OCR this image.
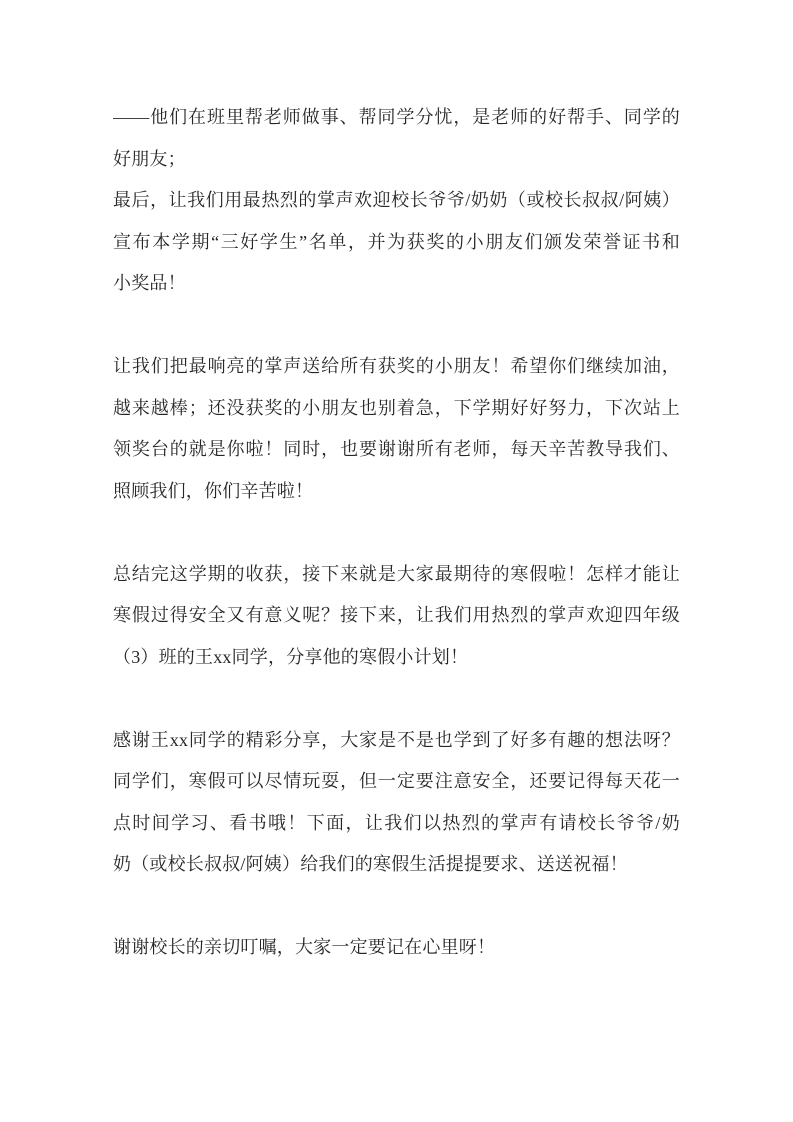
——他们在班里帮老师做事、帮同学分忧，是老师的好帮手、同学的
好朋友；
最后，让我们用最热烈的掌声欢迎校长爷爷/奶奶（或校长叔叔/阿姨）
宣布本学期“三好学生”名单，并为获奖的小朋友们颁发荣誉证书和
小奖品！
让我们把最响亮的掌声送给所有获奖的小朋友！希望你们继续加油，
越来越棒；还没获奖的小朋友也别着急，下学期好好努力，下次站上
领奖台的就是你啦！同时，也要谢谢所有老师，每天辛苦教导我们、
照顾我们，你们辛苦啦！
总结完这学期的收获，接下来就是大家最期待的寒假啦！怎样才能让
寒假过得安全又有意义呢？接下来，让我们用热烈的掌声欢迎四年级
（3）班的王xx同学，分享他的寒假小计划！
感谢王xx同学的精彩分享，大家是不是也学到了好多有趣的想法呀？
同学们，寒假可以尽情玩耍，但一定要注意安全，还要记得每天花一
点时间学习、看书哦！下面，让我们以热烈的掌声有请校长爷爷/奶
奶（或校长叔叔/阿姨）给我们的寒假生活提提要求、送送祝福！
谢谢校长的亲切叮嘱，大家一定要记在心里呀！
